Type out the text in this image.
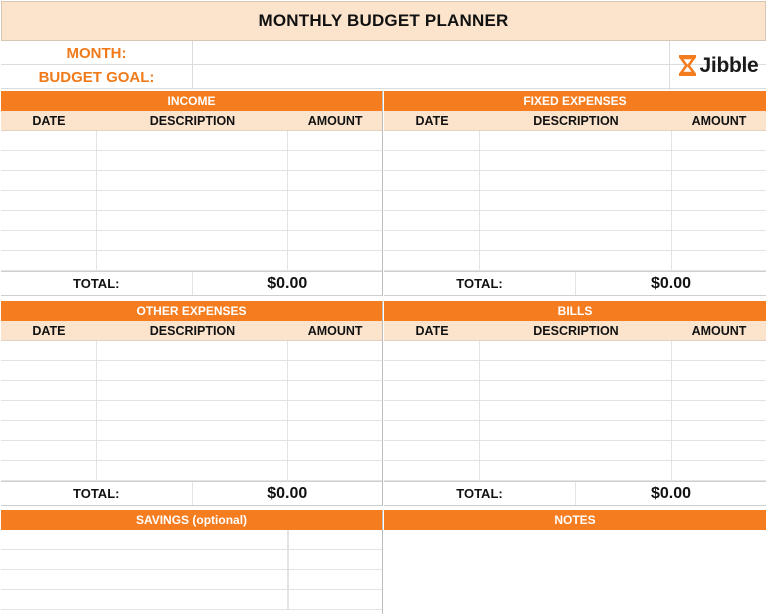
MONTHLY BUDGET PLANNER
MONTH:
BUDGET GOAL:
Jibble
INCOME
DATE	DESCRIPTION	AMOUNT
TOTAL:	$0.00
FIXED EXPENSES
DATE	DESCRIPTION	AMOUNT
TOTAL:	$0.00
OTHER EXPENSES
DATE	DESCRIPTION	AMOUNT
TOTAL:	$0.00
BILLS
DATE	DESCRIPTION	AMOUNT
TOTAL:	$0.00
SAVINGS (optional)	NOTES
